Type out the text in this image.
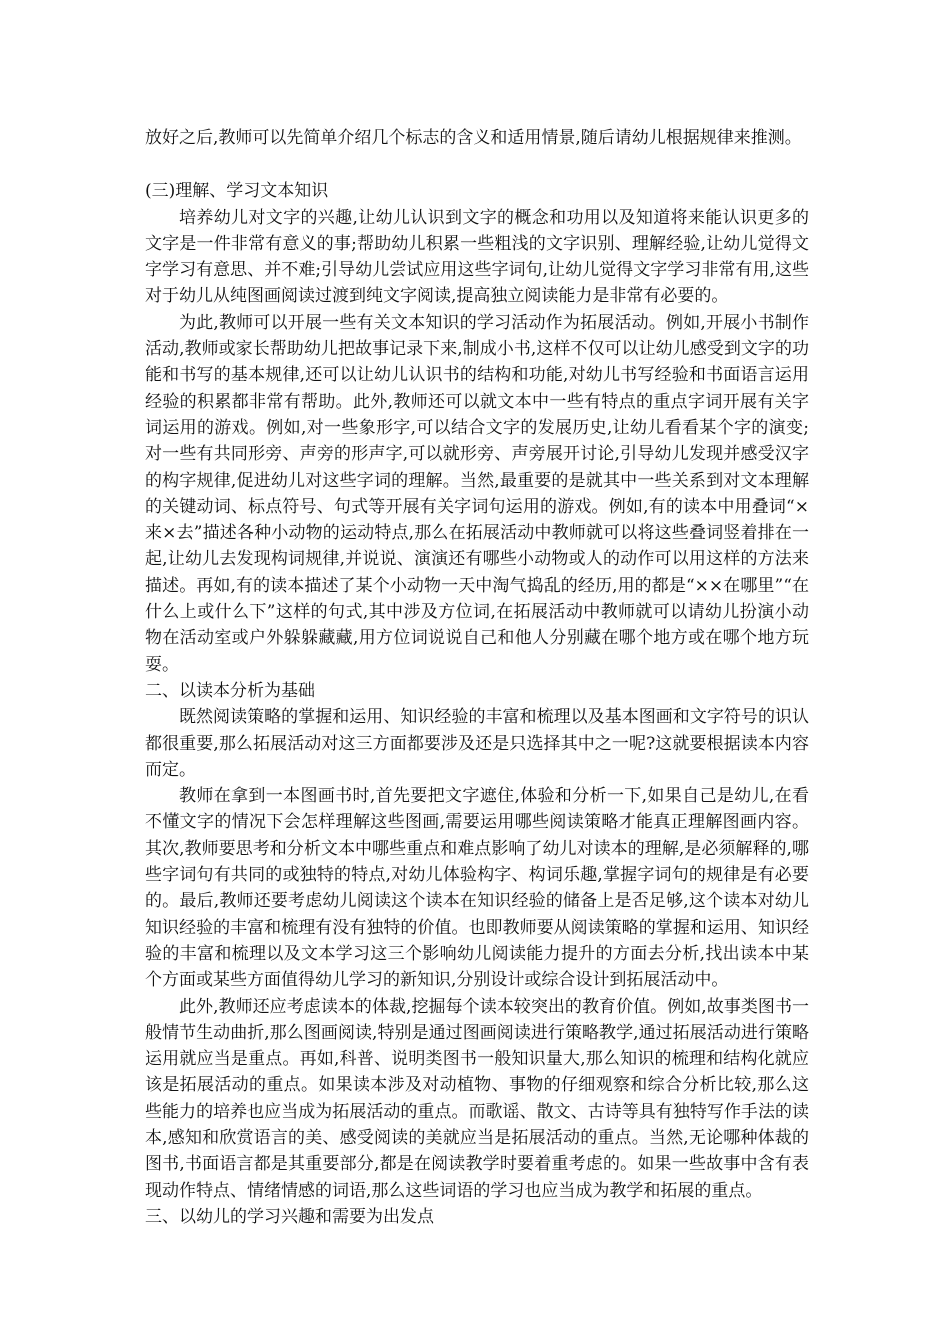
放好之后,教师可以先简单介绍几个标志的含义和适用情景,随后请幼儿根据规律来推测。

(三)理解、学习文本知识

培养幼儿对文字的兴趣,让幼儿认识到文字的概念和功用以及知道将来能认识更多的文字是一件非常有意义的事;帮助幼儿积累一些粗浅的文字识别、理解经验,让幼儿觉得文字学习有意思、并不难;引导幼儿尝试应用这些字词句,让幼儿觉得文字学习非常有用,这些对于幼儿从纯图画阅读过渡到纯文字阅读,提高独立阅读能力是非常有必要的。

为此,教师可以开展一些有关文本知识的学习活动作为拓展活动。例如,开展小书制作活动,教师或家长帮助幼儿把故事记录下来,制成小书,这样不仅可以让幼儿感受到文字的功能和书写的基本规律,还可以让幼儿认识书的结构和功能,对幼儿书写经验和书面语言运用经验的积累都非常有帮助。此外,教师还可以就文本中一些有特点的重点字词开展有关字词运用的游戏。例如,对一些象形字,可以结合文字的发展历史,让幼儿看看某个字的演变;对一些有共同形旁、声旁的形声字,可以就形旁、声旁展开讨论,引导幼儿发现并感受汉字的构字规律,促进幼儿对这些字词的理解。当然,最重要的是就其中一些关系到对文本理解的关键动词、标点符号、句式等开展有关字词句运用的游戏。例如,有的读本中用叠词“×来×去”描述各种小动物的运动特点,那么在拓展活动中教师就可以将这些叠词竖着排在一起,让幼儿去发现构词规律,并说说、演演还有哪些小动物或人的动作可以用这样的方法来描述。再如,有的读本描述了某个小动物一天中淘气捣乱的经历,用的都是“××在哪里”“在什么上或什么下”这样的句式,其中涉及方位词,在拓展活动中教师就可以请幼儿扮演小动物在活动室或户外躲躲藏藏,用方位词说说自己和他人分别藏在哪个地方或在哪个地方玩耍。

二、以读本分析为基础

既然阅读策略的掌握和运用、知识经验的丰富和梳理以及基本图画和文字符号的识认都很重要,那么拓展活动对这三方面都要涉及还是只选择其中之一呢?这就要根据读本内容而定。

教师在拿到一本图画书时,首先要把文字遮住,体验和分析一下,如果自己是幼儿,在看不懂文字的情况下会怎样理解这些图画,需要运用哪些阅读策略才能真正理解图画内容。其次,教师要思考和分析文本中哪些重点和难点影响了幼儿对读本的理解,是必须解释的,哪些字词句有共同的或独特的特点,对幼儿体验构字、构词乐趣,掌握字词句的规律是有必要的。最后,教师还要考虑幼儿阅读这个读本在知识经验的储备上是否足够,这个读本对幼儿知识经验的丰富和梳理有没有独特的价值。也即教师要从阅读策略的掌握和运用、知识经验的丰富和梳理以及文本学习这三个影响幼儿阅读能力提升的方面去分析,找出读本中某个方面或某些方面值得幼儿学习的新知识,分别设计或综合设计到拓展活动中。

此外,教师还应考虑读本的体裁,挖掘每个读本较突出的教育价值。例如,故事类图书一般情节生动曲折,那么图画阅读,特别是通过图画阅读进行策略教学,通过拓展活动进行策略运用就应当是重点。再如,科普、说明类图书一般知识量大,那么知识的梳理和结构化就应该是拓展活动的重点。如果读本涉及对动植物、事物的仔细观察和综合分析比较,那么这些能力的培养也应当成为拓展活动的重点。而歌谣、散文、古诗等具有独特写作手法的读本,感知和欣赏语言的美、感受阅读的美就应当是拓展活动的重点。当然,无论哪种体裁的图书,书面语言都是其重要部分,都是在阅读教学时要着重考虑的。如果一些故事中含有表现动作特点、情绪情感的词语,那么这些词语的学习也应当成为教学和拓展的重点。

三、以幼儿的学习兴趣和需要为出发点
